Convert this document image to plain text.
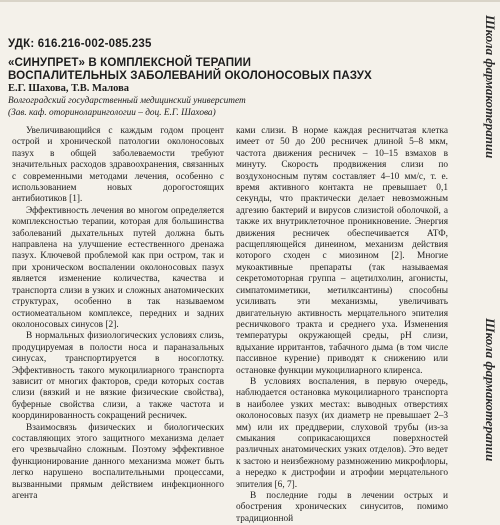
УДК: 616.216-002-085.235
«СИНУПРЕТ» В КОМПЛЕКСНОЙ ТЕРАПИИ
ВОСПАЛИТЕЛЬНЫХ ЗАБОЛЕВАНИЙ ОКОЛОНОСОВЫХ ПАЗУХ
Е.Г. Шахова, Т.В. Малова
Волгоградский государственный медицинский университет
(Зав. каф. оториноларингологии – доц. Е.Г. Шахова)

Увеличивающийся с каждым годом процент острой и хронической патологии околоносовых пазух в общей заболеваемости требуют значительных расходов здравоохранения, связанных с современными методами лечения, особенно с использованием новых дорогостоящих антибиотиков [1].

Эффективность лечения во многом определяется комплексностью терапии, которая для большинства заболеваний дыхательных путей должна быть направлена на улучшение естественного дренажа пазух. Ключевой проблемой как при остром, так и при хроническом воспалении околоносовых пазух является изменение количества, качества и транспорта слизи в узких и сложных анатомических структурах, особенно в так называемом остиомеатальном комплексе, передних и задних околоносовых синусов [2].

В нормальных физиологических условиях слизь, продуцируемая в полости носа и параназальных синусах, транспортируется в носоглотку. Эффективность такого мукоцилиарного транспорта зависит от многих факторов, среди которых состав слизи (вязкий и не вязкие физические свойства), буферные свойства слизи, а также частота и координированность сокращений ресничек.

Взаимосвязь физических и биологических составляющих этого защитного механизма делает его чрезвычайно сложным. Поэтому эффективное функционирование данного механизма может быть легко нарушено воспалительными процессами, вызванными прямым действием инфекционного агента

ками слизи. В норме каждая реснитчатая клетка имеет от 50 до 200 ресничек длиной 5–8 мкм, частота движения ресничек – 10–15 взмахов в минуту. Скорость продвижения слизи по воздухоносным путям составляет 4–10 мм/с, т. е. время активного контакта не превышает 0,1 секунды, что практически делает невозможным адгезию бактерий и вирусов слизистой оболочкой, а также их внутриклеточное проникновение. Энергия движения ресничек обеспечивается АТФ, расщепляющейся динеином, механизм действия которого сходен с миозином [2]. Многие мукоактивные препараты (так называемая секретомоторная группа – ацетилхолин, агонисты, симпатомиметики, метилксантины) способны усиливать эти механизмы, увеличивать двигательную активность мерцательного эпителия ресничкового тракта и среднего уха. Изменения температуры окружающей среды, pH слизи, вдыхание ирритантов, табачного дыма (в том числе пассивное курение) приводят к снижению или остановке функции мукоцилиарного клиренса.

В условиях воспаления, в первую очередь, наблюдается остановка мукоцилиарного транспорта в наиболее узких местах: выводных отверстиях околоносовых пазух (их диаметр не превышает 2–3 мм) или их преддверии, слуховой трубы (из-за смыкания соприкасающихся поверхностей различных анатомических узких отделов). Это ведет к застою и неизбежному размножению микрофлоры, а нередко к дистрофии и атрофии мерцательного эпителия [6, 7].

В последние годы в лечении острых и обострения хронических синуситов, помимо традиционной

Школа фармакотерапии
Школа фармакотерапии
